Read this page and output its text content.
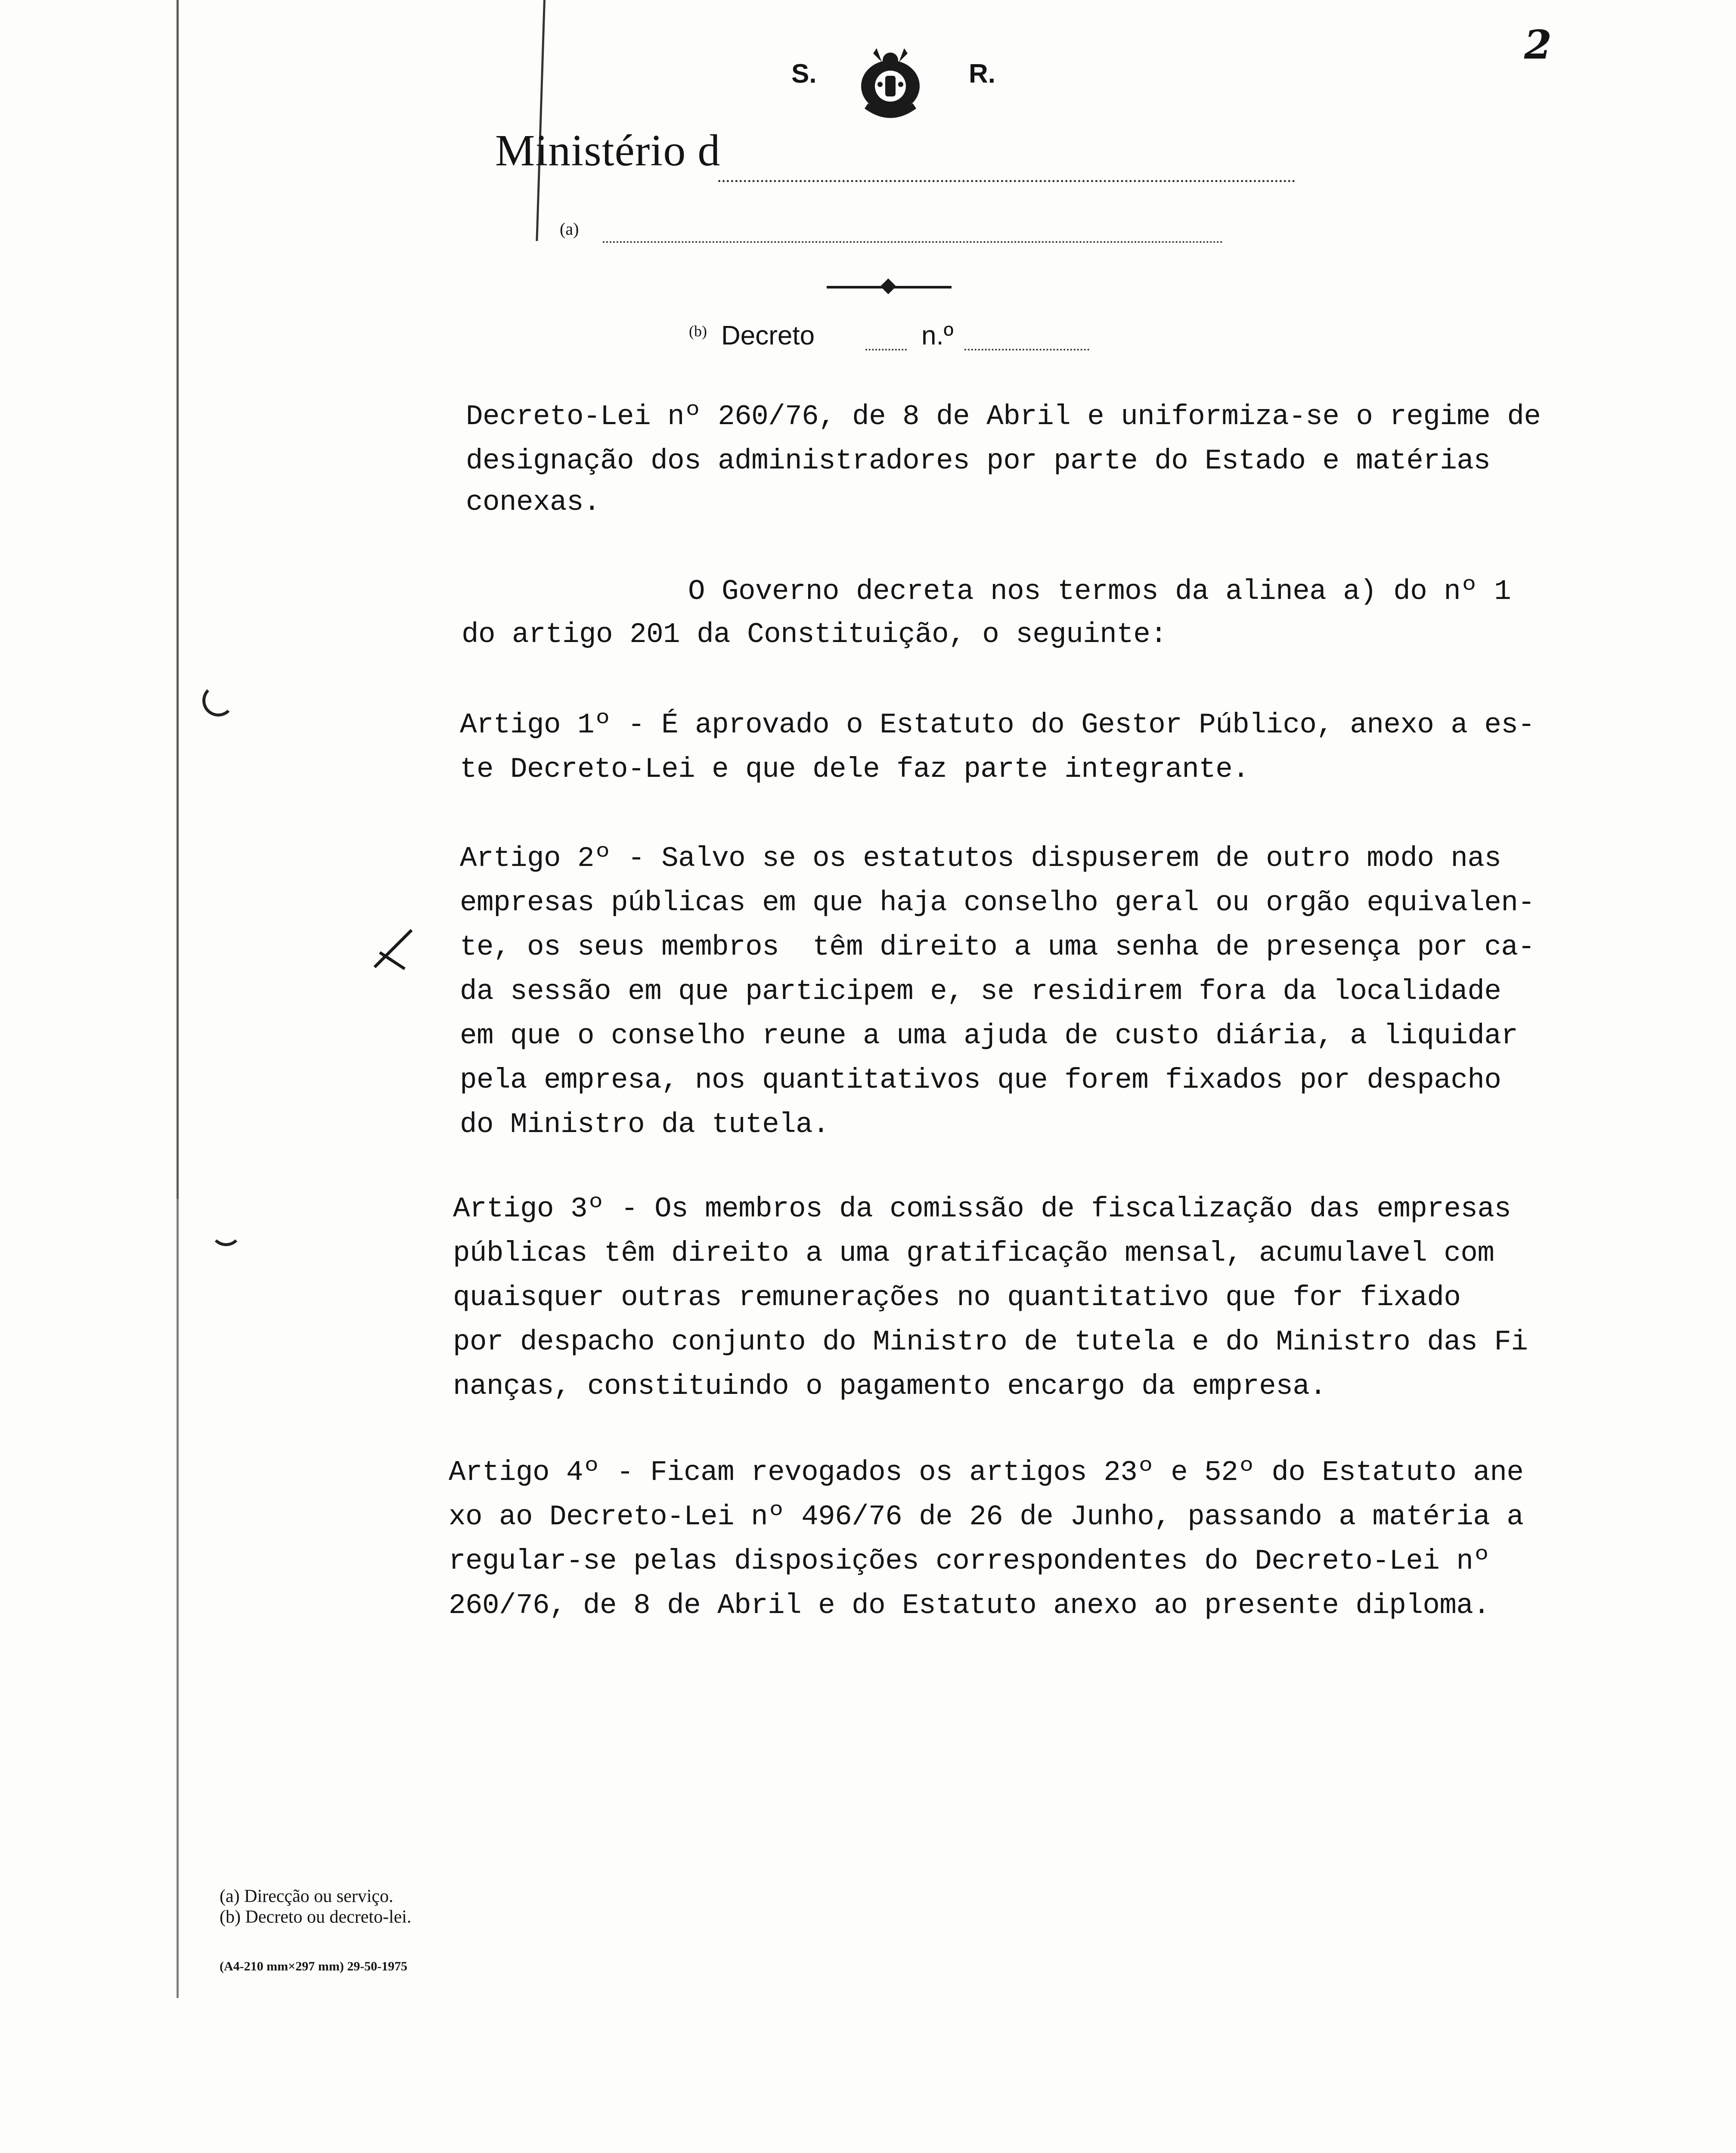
S.	R.
2
Ministério d
(a)
(b) Decreto	n.º
Decreto-Lei nº 260/76, de 8 de Abril e uniformiza-se o regime de
designação dos administradores por parte do Estado e matérias
conexas.
O Governo decreta nos termos da alinea a) do nº 1
do artigo 201 da Constituição, o seguinte:
Artigo 1º - É aprovado o Estatuto do Gestor Público, anexo a es-
te Decreto-Lei e que dele faz parte integrante.
Artigo 2º - Salvo se os estatutos dispuserem de outro modo nas
empresas públicas em que haja conselho geral ou orgão equivalen-
te, os seus membros  têm direito a uma senha de presença por ca-
da sessão em que participem e, se residirem fora da localidade
em que o conselho reune a uma ajuda de custo diária, a liquidar
pela empresa, nos quantitativos que forem fixados por despacho
do Ministro da tutela.
Artigo 3º - Os membros da comissão de fiscalização das empresas
públicas têm direito a uma gratificação mensal, acumulavel com
quaisquer outras remunerações no quantitativo que for fixado
por despacho conjunto do Ministro de tutela e do Ministro das Fi
nanças, constituindo o pagamento encargo da empresa.
Artigo 4º - Ficam revogados os artigos 23º e 52º do Estatuto ane
xo ao Decreto-Lei nº 496/76 de 26 de Junho, passando a matéria a
regular-se pelas disposições correspondentes do Decreto-Lei nº
260/76, de 8 de Abril e do Estatuto anexo ao presente diploma.
(a) Direcção ou serviço.
(b) Decreto ou decreto-lei.
(A4-210 mm×297 mm) 29-50-1975
